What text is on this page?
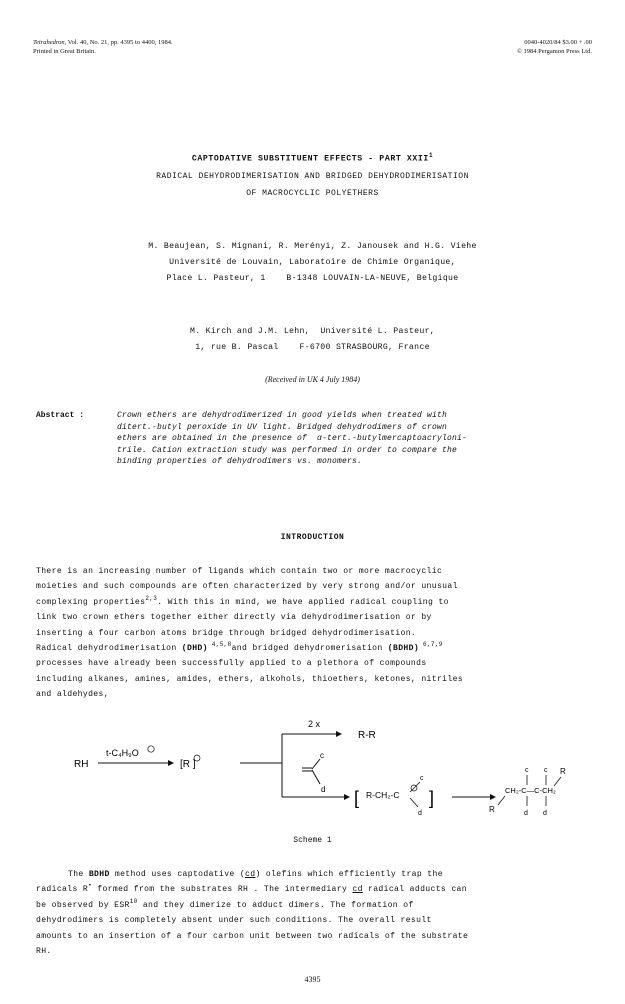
Tetrahedron, Vol. 40, No. 21, pp. 4395 to 4400, 1984.
Printed in Great Britain.
0040-4020/84 $3.00 + .00
© 1984 Pergamon Press Ltd.
CAPTODATIVE SUBSTITUENT EFFECTS - PART XXII$^1$
RADICAL DEHYDRODIMERISATION AND BRIDGED DEHYDRODIMERISATION
OF MACROCYCLIC POLYETHERS
M. Beaujean, S. Mignani, R. Merényi, Z. Janousek and H.G. Viehe
Université de Louvain, Laboratoire de Chimie Organique,
Place L. Pasteur, 1    B-1348 LOUVAIN-LA-NEUVE, Belgique
M. Kirch and J.M. Lehn,  Université L. Pasteur,
1, rue B. Pascal    F-6700 STRASBOURG, France
(Received in UK 4 July 1984)
Abstract :	Crown ethers are dehydrodimerized in good yields when treated with
ditert.-butyl peroxide in UV light. Bridged dehydrodimers of crown
ethers are obtained in the presence of  α-tert.-butylmercaptoacryloni-
trile. Cation extraction study was performed in order to compare the
binding properties of dehydrodimers vs. monomers.
INTRODUCTION
There is an increasing number of ligands which contain two or more macrocyclic
moieties and such compounds are often characterized by very strong and/or unusual
complexing properties$^{2,3}$. With this in mind, we have applied radical coupling to
link two crown ethers together either directly via dehydrodimerisation or by
inserting a four carbon atoms bridge through bridged dehydrodimerisation.
Radical dehydrodimerisation (DHD) $^{4,5,8}$and bridged dehydromerisation (BDHD) $^{6,7,9}$
processes have already been successfully applied to a plethora of compounds
including alkanes, amines, amides, ethers, alkohols, thioethers, ketones, nitriles
and aldehydes,
RH
t-C₄H₉O
[R ]
2 x
R-R
c
d [ R-CH₂-C
c
d
]
c c R
CH₂-C—C-CH₂
R	d d
Scheme 1
The BDHD method uses captodative (cd) olefins which efficiently trap the
radicals R• formed from the substrates RH . The intermediary cd radical adducts can
be observed by ESR$^{10}$ and they dimerize to adduct dimers. The formation of
dehydrodimers is completely absent under such conditions. The overall result
amounts to an insertion of a four carbon unit between two radicals of the substrate
RH.
4395
